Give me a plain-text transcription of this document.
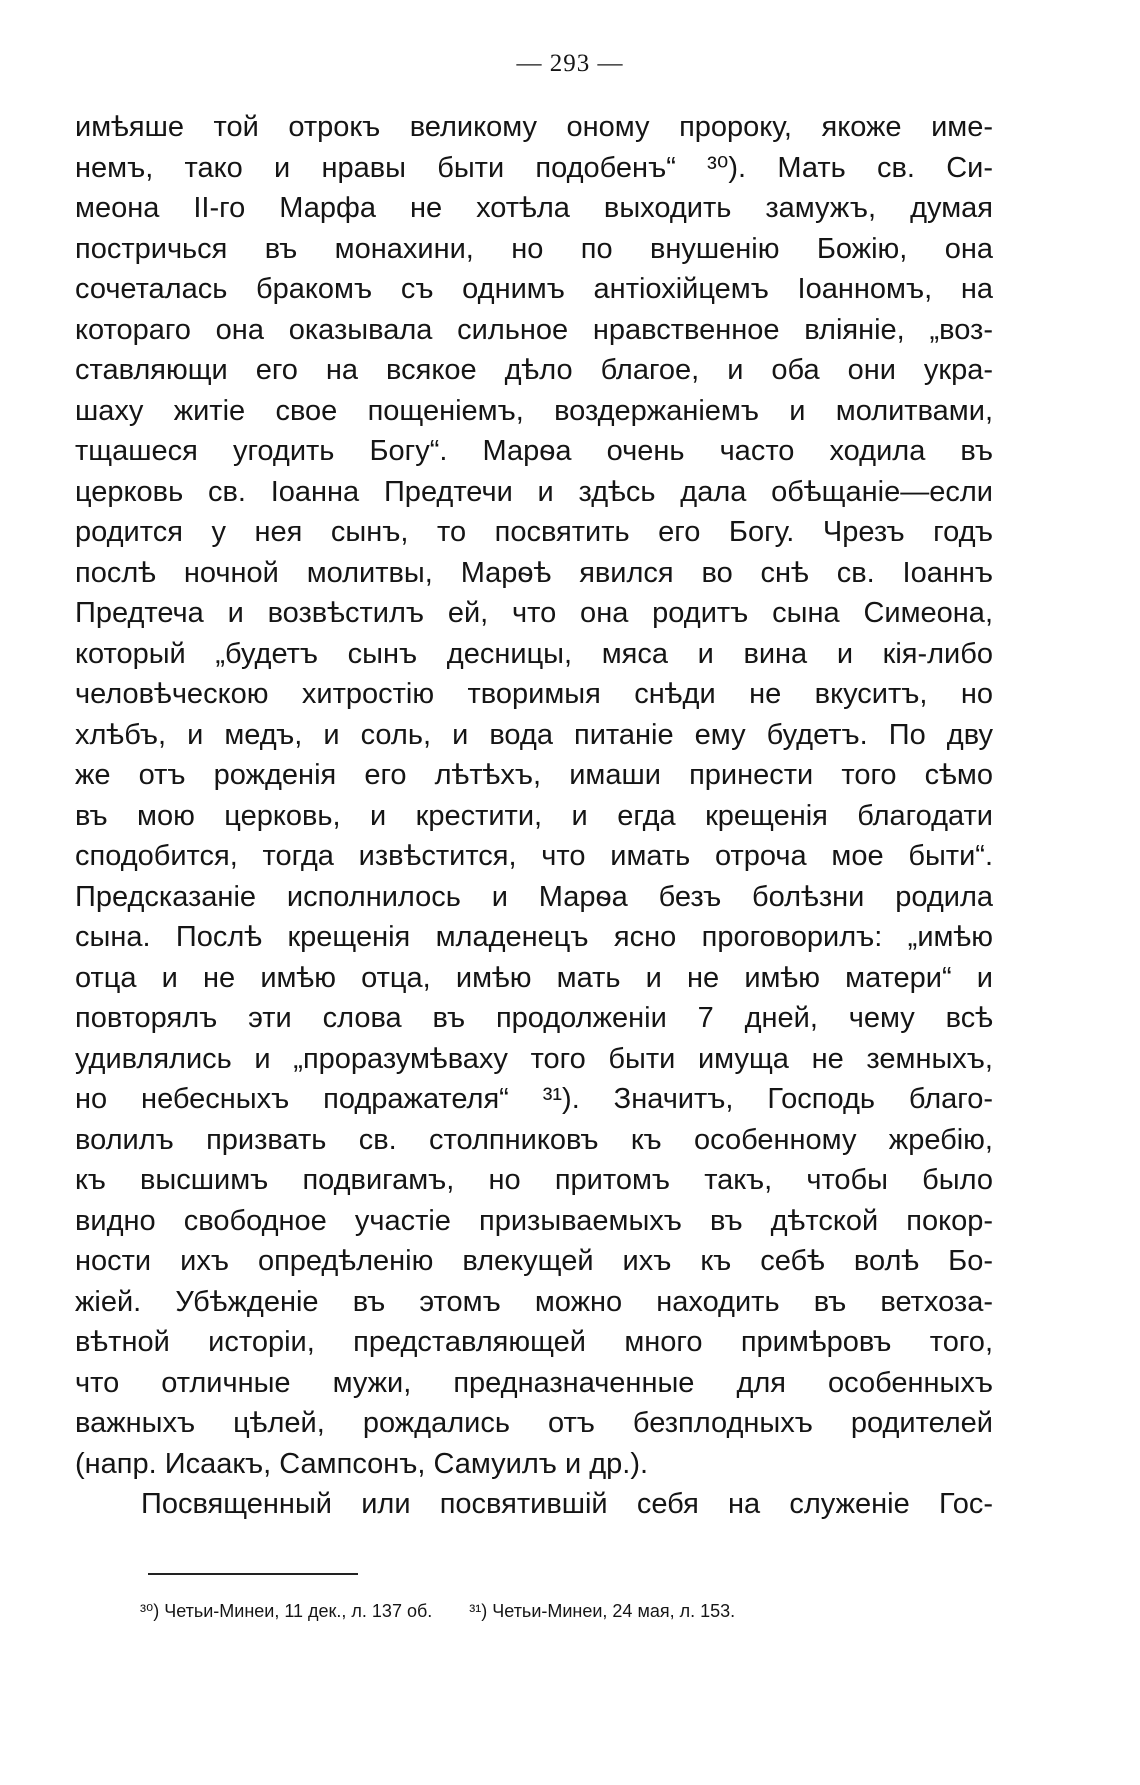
— 293 —
имѣяше той отрокъ великому оному пророку, якоже име-
немъ, тако и нравы быти подобенъ“ ³⁰). Мать св. Си-
меона ІІ-го Марфа не хотѣла выходить замужъ, думая
постричься въ монахини, но по внушенію Божію, она
сочеталась бракомъ съ однимъ антіохійцемъ Іоанномъ, на
котораго она оказывала сильное нравственное вліяніе, „воз-
ставляющи его на всякое дѣло благое, и оба они укра-
шаху житіе свое пощеніемъ, воздержаніемъ и молитвами,
тщашеся угодить Богу“. Марѳа очень часто ходила въ
церковь св. Іоанна Предтечи и здѣсь дала обѣщаніе—если
родится у нея сынъ, то посвятить его Богу. Чрезъ годъ
послѣ ночной молитвы, Марѳѣ явился во снѣ св. Іоаннъ
Предтеча и возвѣстилъ ей, что она родитъ сына Симеона,
который „будетъ сынъ десницы, мяса и вина и кія-либо
человѣческою хитростію творимыя снѣди не вкуситъ, но
хлѣбъ, и медъ, и соль, и вода питаніе ему будетъ. По дву
же отъ рожденія его лѣтѣхъ, имаши принести того сѣмо
въ мою церковь, и крестити, и егда крещенія благодати
сподобится, тогда извѣстится, что имать отроча мое быти“.
Предсказаніе исполнилось и Марѳа безъ болѣзни родила
сына. Послѣ крещенія младенецъ ясно проговорилъ: „имѣю
отца и не имѣю отца, имѣю мать и не имѣю матери“ и
повторялъ эти слова въ продолженіи 7 дней, чему всѣ
удивлялись и „проразумѣваху того быти имуща не земныхъ,
но небесныхъ подражателя“ ³¹). Значитъ, Господь благо-
волилъ призвать св. столпниковъ къ особенному жребію,
къ высшимъ подвигамъ, но притомъ такъ, чтобы было
видно свободное участіе призываемыхъ въ дѣтской покор-
ности ихъ опредѣленію влекущей ихъ къ себѣ волѣ Бо-
жіей. Убѣжденіе въ этомъ можно находить въ ветхоза-
вѣтной исторіи, представляющей много примѣровъ того,
что отличные мужи, предназначенные для особенныхъ
важныхъ цѣлей, рождались отъ безплодныхъ родителей
(напр. Исаакъ, Сампсонъ, Самуилъ и др.).
Посвященный или посвятившій себя на служеніе Гос-
³⁰) Четьи-Минеи, 11 дек., л. 137 об. ³¹) Четьи-Минеи, 24 мая, л. 153.
